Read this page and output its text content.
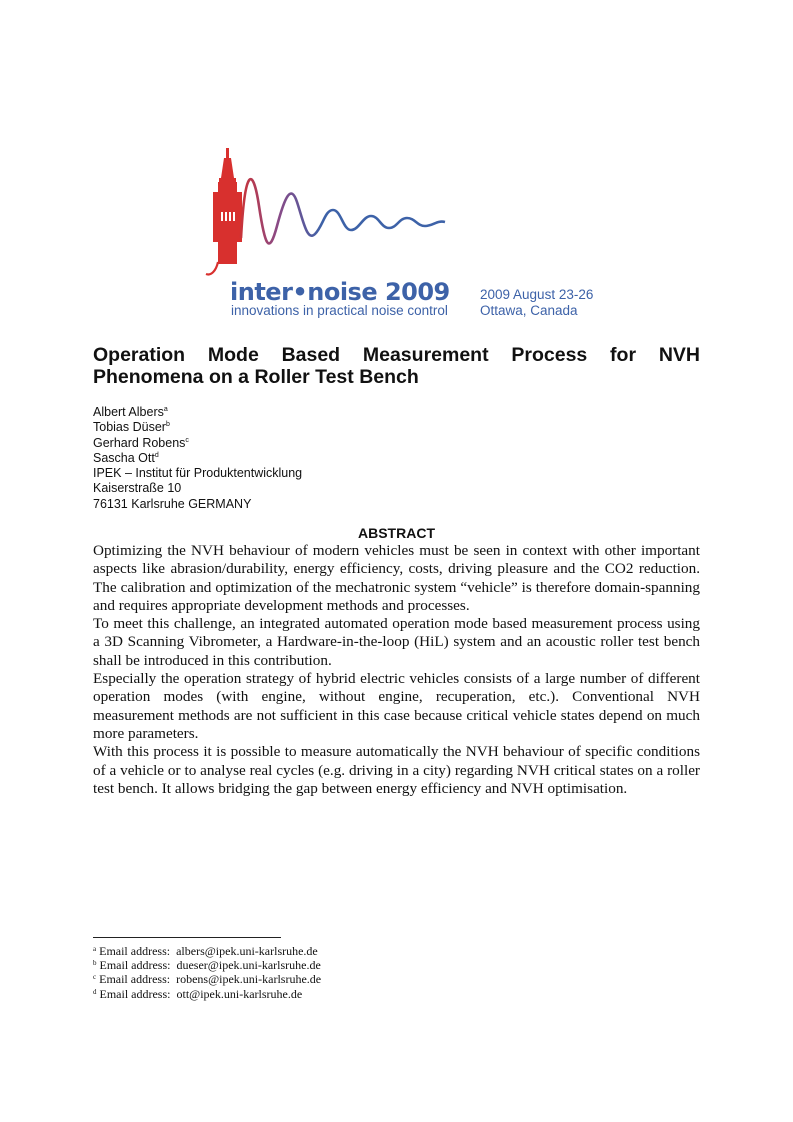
inter•noise 2009
innovations in practical noise control
2009 August 23-26
Ottawa, Canada
Operation Mode Based Measurement Process for NVH Phenomena on a Roller Test Bench
Albert Albers$^a$
Tobias Düser$^b$
Gerhard Robens$^c$
Sascha Ott$^d$
IPEK – Institut für Produktentwicklung
Kaiserstraße 10
76131 Karlsruhe GERMANY
ABSTRACT

Optimizing the NVH behaviour of modern vehicles must be seen in context with other important aspects like abrasion/durability, energy efficiency, costs, driving pleasure and the CO2 reduction. The calibration and optimization of the mechatronic system “vehicle” is therefore domain-spanning and requires appropriate development methods and processes.

To meet this challenge, an integrated automated operation mode based measurement process using a 3D Scanning Vibrometer, a Hardware-in-the-loop (HiL) system and an acoustic roller test bench shall be introduced in this contribution.

Especially the operation strategy of hybrid electric vehicles consists of a large number of different operation modes (with engine, without engine, recuperation, etc.). Conventional NVH measurement methods are not sufficient in this case because critical vehicle states depend on much more parameters.

With this process it is possible to measure automatically the NVH behaviour of specific conditions of a vehicle or to analyse real cycles (e.g. driving in a city) regarding NVH critical states on a roller test bench. It allows bridging the gap between energy efficiency and NVH optimisation.

$^a$ Email address: albers@ipek.uni-karlsruhe.de
$^b$ Email address: dueser@ipek.uni-karlsruhe.de
$^c$ Email address: robens@ipek.uni-karlsruhe.de
$^d$ Email address: ott@ipek.uni-karlsruhe.de
